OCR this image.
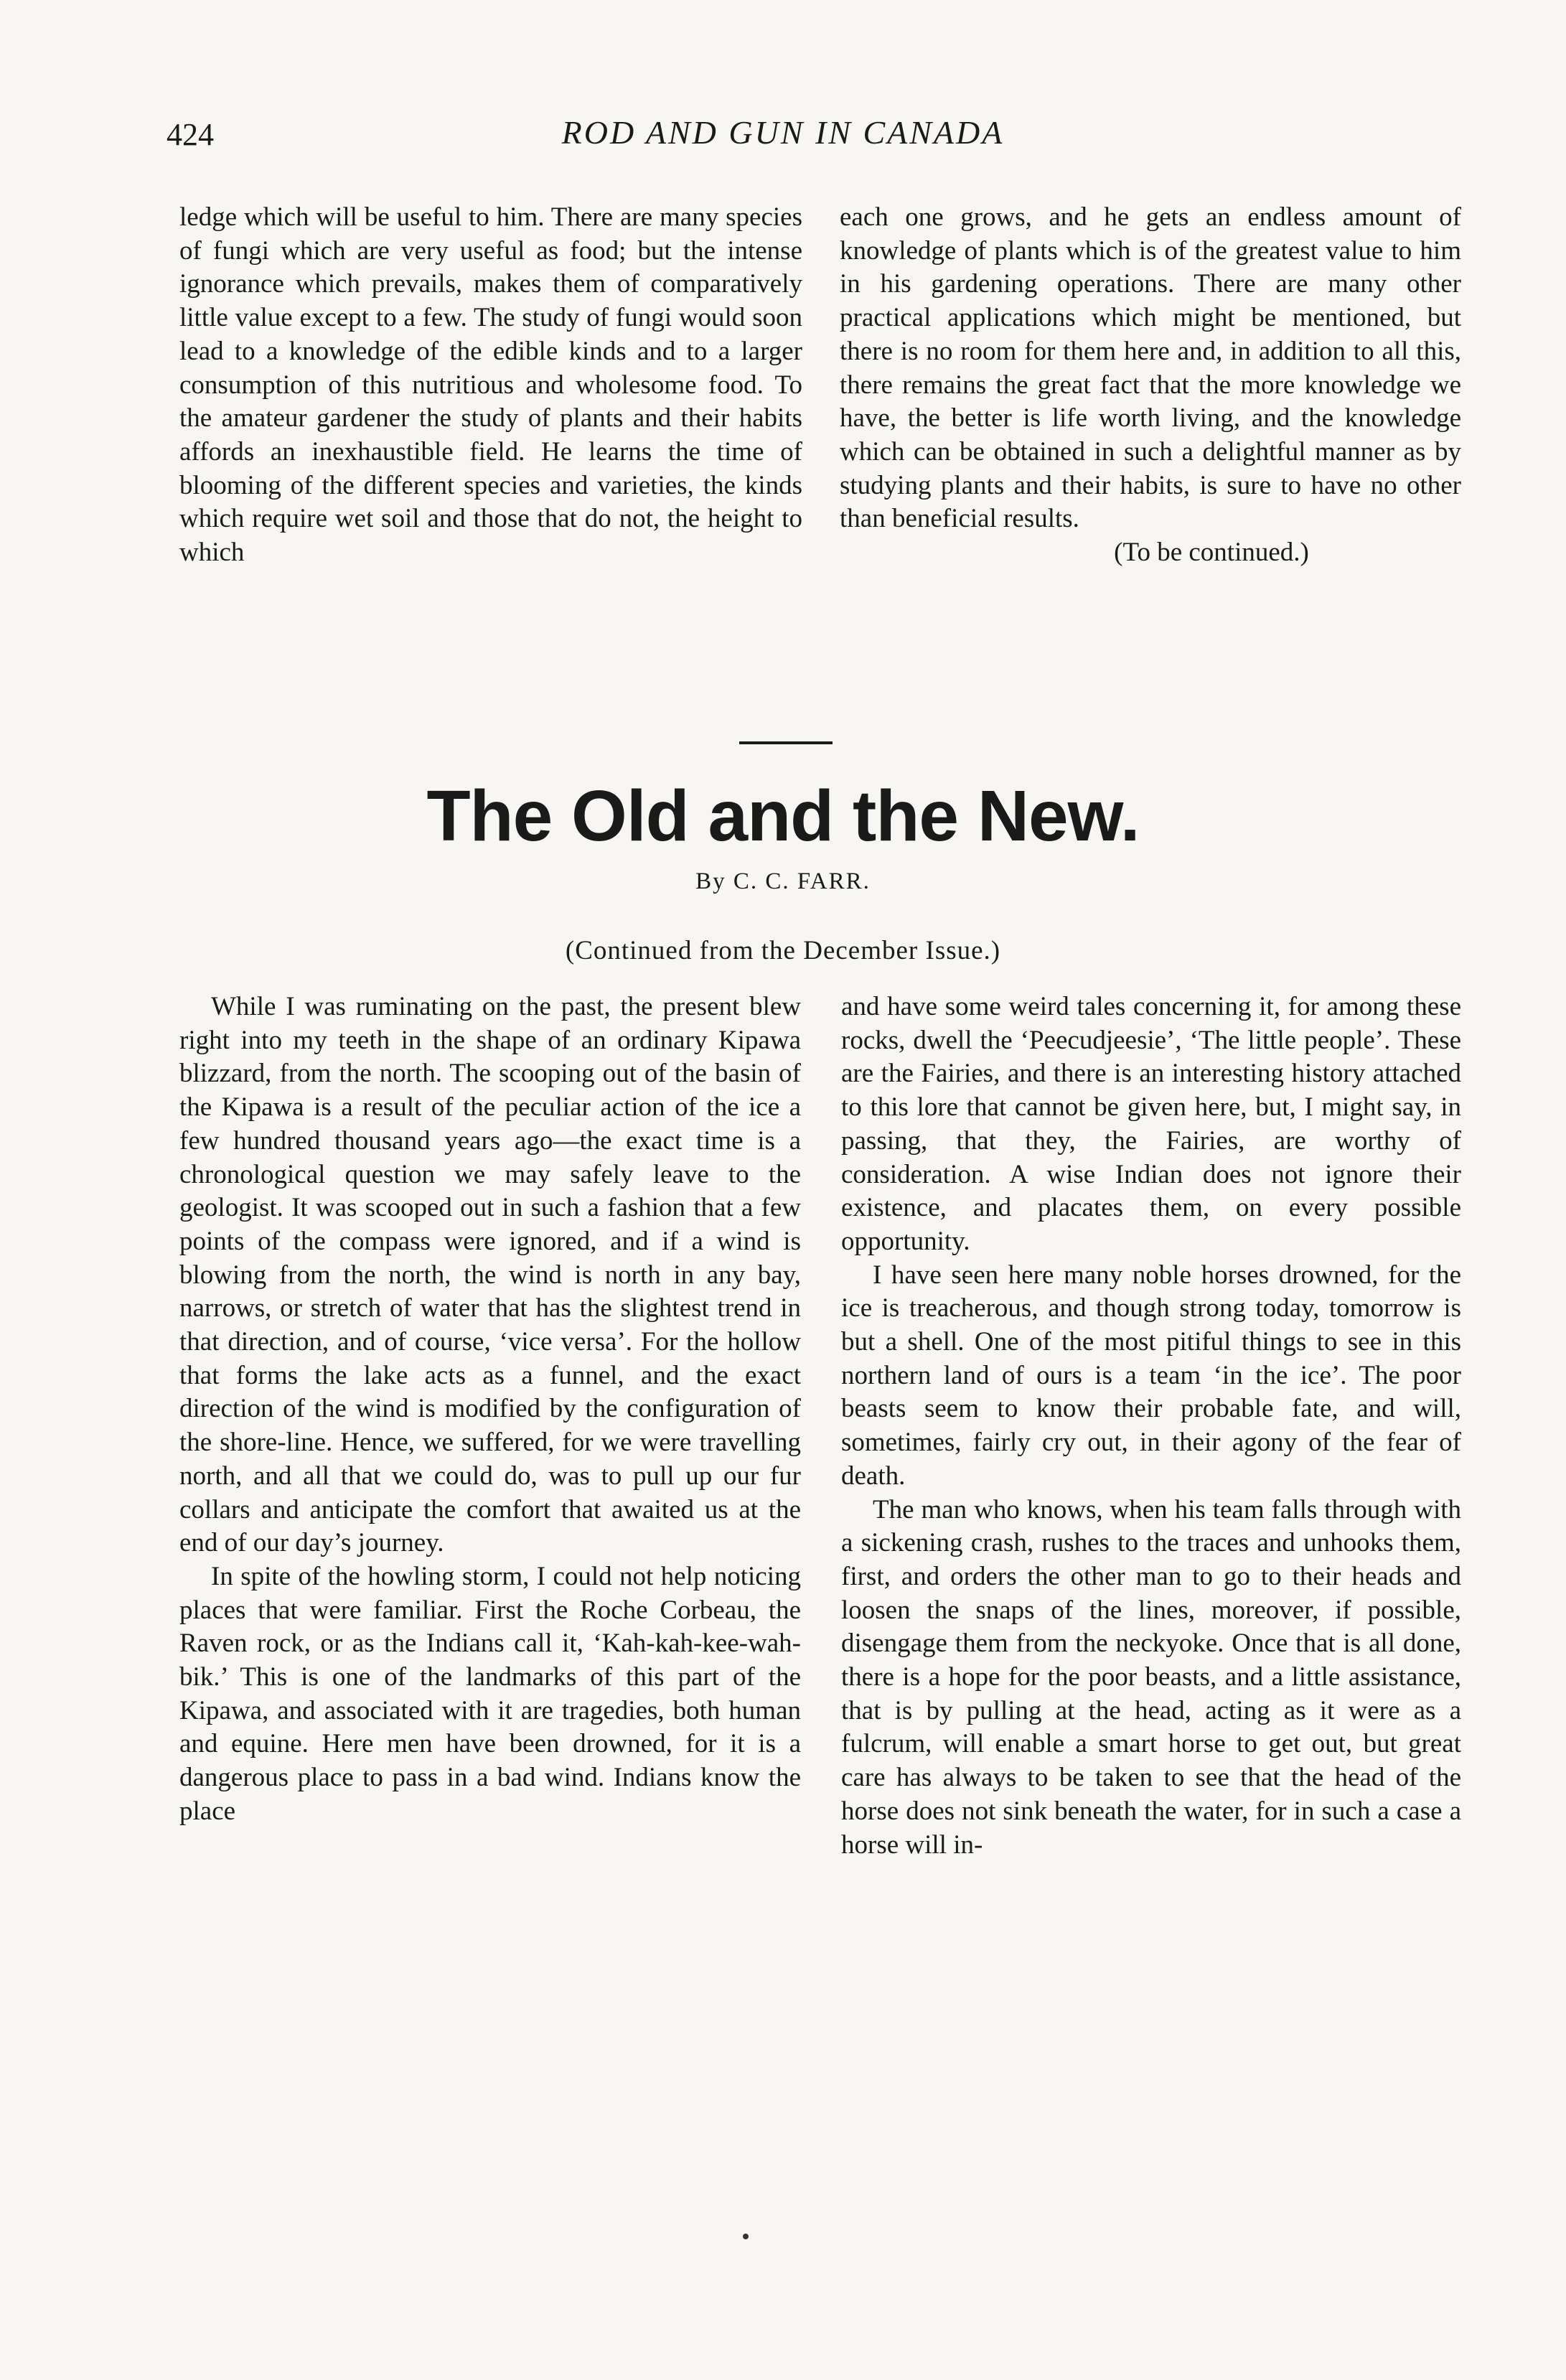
424	ROD AND GUN IN CANADA

ledge which will be useful to him. There are many species of fungi which are very useful as food; but the intense ignorance which prevails, makes them of comparatively little value except to a few. The study of fungi would soon lead to a knowledge of the edible kinds and to a larger consumption of this nutritious and wholesome food. To the amateur gardener the study of plants and their habits affords an inexhaustible field. He learns the time of blooming of the different species and varieties, the kinds which require wet soil and those that do not, the height to which

each one grows, and he gets an endless amount of knowledge of plants which is of the greatest value to him in his gardening operations. There are many other practical applications which might be mentioned, but there is no room for them here and, in addition to all this, there remains the great fact that the more knowledge we have, the better is life worth living, and the knowledge which can be obtained in such a delightful manner as by studying plants and their habits, is sure to have no other than beneficial results.

(To be continued.)

The Old and the New.
By C. C. FARR.
(Continued from the December Issue.)

While I was ruminating on the past, the present blew right into my teeth in the shape of an ordinary Kipawa blizzard, from the north. The scooping out of the basin of the Kipawa is a result of the peculiar action of the ice a few hundred thousand years ago—the exact time is a chronological question we may safely leave to the geologist. It was scooped out in such a fashion that a few points of the compass were ignored, and if a wind is blowing from the north, the wind is north in any bay, narrows, or stretch of water that has the slightest trend in that direction, and of course, ‘vice versa’. For the hollow that forms the lake acts as a funnel, and the exact direction of the wind is modified by the configuration of the shore-line. Hence, we suffered, for we were travelling north, and all that we could do, was to pull up our fur collars and anticipate the comfort that awaited us at the end of our day’s journey.

In spite of the howling storm, I could not help noticing places that were familiar. First the Roche Corbeau, the Raven rock, or as the Indians call it, ‘Kah-kah-kee-wah-bik.’ This is one of the landmarks of this part of the Kipawa, and associated with it are tragedies, both human and equine. Here men have been drowned, for it is a dangerous place to pass in a bad wind. Indians know the place

and have some weird tales concerning it, for among these rocks, dwell the ‘Peecudjeesie’, ‘The little people’. These are the Fairies, and there is an interesting history attached to this lore that cannot be given here, but, I might say, in passing, that they, the Fairies, are worthy of consideration. A wise Indian does not ignore their existence, and placates them, on every possible opportunity.

I have seen here many noble horses drowned, for the ice is treacherous, and though strong today, tomorrow is but a shell. One of the most pitiful things to see in this northern land of ours is a team ‘in the ice’. The poor beasts seem to know their probable fate, and will, sometimes, fairly cry out, in their agony of the fear of death.

The man who knows, when his team falls through with a sickening crash, rushes to the traces and unhooks them, first, and orders the other man to go to their heads and loosen the snaps of the lines, moreover, if possible, disengage them from the neckyoke. Once that is all done, there is a hope for the poor beasts, and a little assistance, that is by pulling at the head, acting as it were as a fulcrum, will enable a smart horse to get out, but great care has always to be taken to see that the head of the horse does not sink beneath the water, for in such a case a horse will in-
